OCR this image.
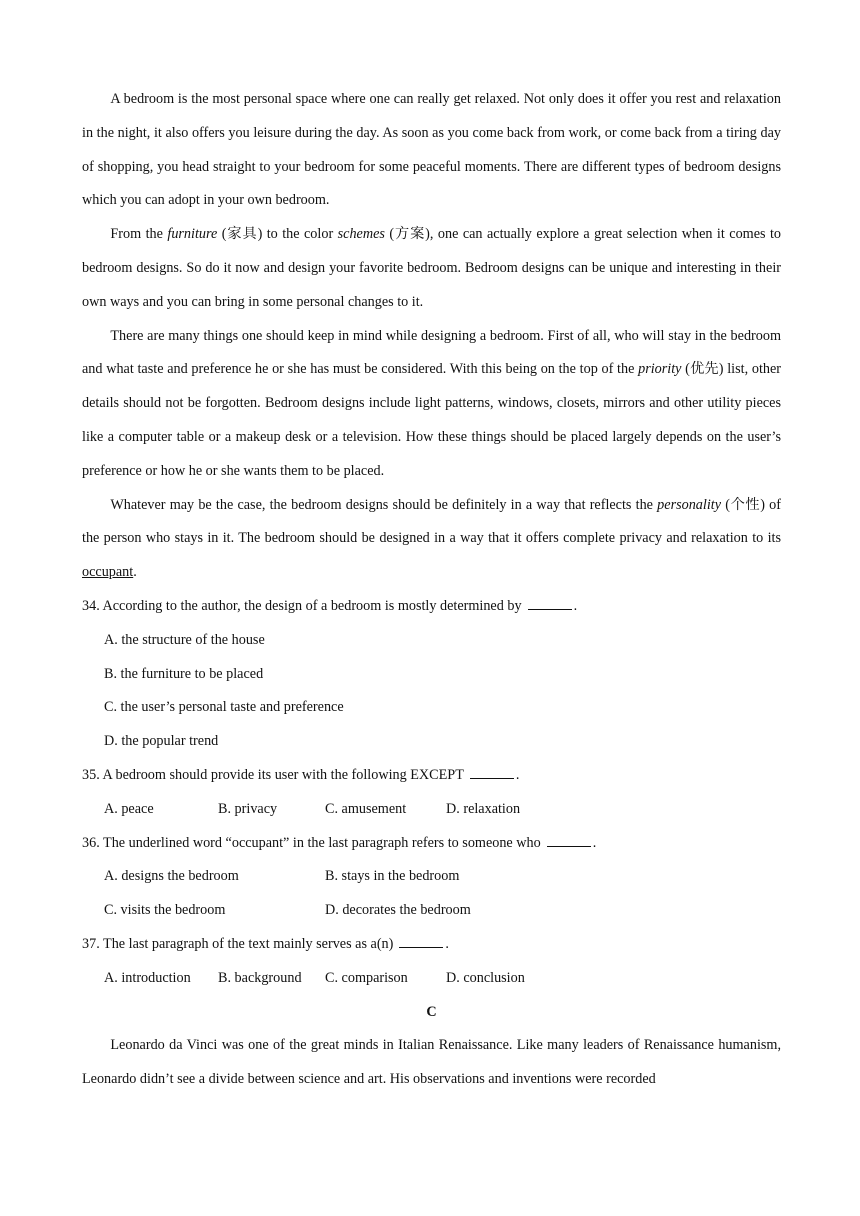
A bedroom is the most personal space where one can really get relaxed. Not only does it offer you rest and relaxation in the night, it also offers you leisure during the day. As soon as you come back from work, or come back from a tiring day of shopping, you head straight to your bedroom for some peaceful moments. There are different types of bedroom designs which you can adopt in your own bedroom.

From the furniture (家具) to the color schemes (方案), one can actually explore a great selection when it comes to bedroom designs. So do it now and design your favorite bedroom. Bedroom designs can be unique and interesting in their own ways and you can bring in some personal changes to it.

There are many things one should keep in mind while designing a bedroom. First of all, who will stay in the bedroom and what taste and preference he or she has must be considered. With this being on the top of the priority (优先) list, other details should not be forgotten. Bedroom designs include light patterns, windows, closets, mirrors and other utility pieces like a computer table or a makeup desk or a television. How these things should be placed largely depends on the user’s preference or how he or she wants them to be placed.

Whatever may be the case, the bedroom designs should be definitely in a way that reflects the personality (个性) of the person who stays in it. The bedroom should be designed in a way that it offers complete privacy and relaxation to its occupant.

34. According to the author, the design of a bedroom is mostly determined by	.

A. the structure of the house

B. the furniture to be placed

C. the user’s personal taste and preference

D. the popular trend

35. A bedroom should provide its user with the following EXCEPT	.

A. peace	B. privacy	C. amusement	D. relaxation

36. The underlined word “occupant” in the last paragraph refers to someone who	.

A. designs the bedroom	B. stays in the bedroom
C. visits the bedroom	D. decorates the bedroom

37. The last paragraph of the text mainly serves as a(n)	.

A. introduction	B. background	C. comparison	D. conclusion

C

Leonardo da Vinci was one of the great minds in Italian Renaissance. Like many leaders of Renaissance humanism, Leonardo didn’t see a divide between science and art. His observations and inventions were recorded
